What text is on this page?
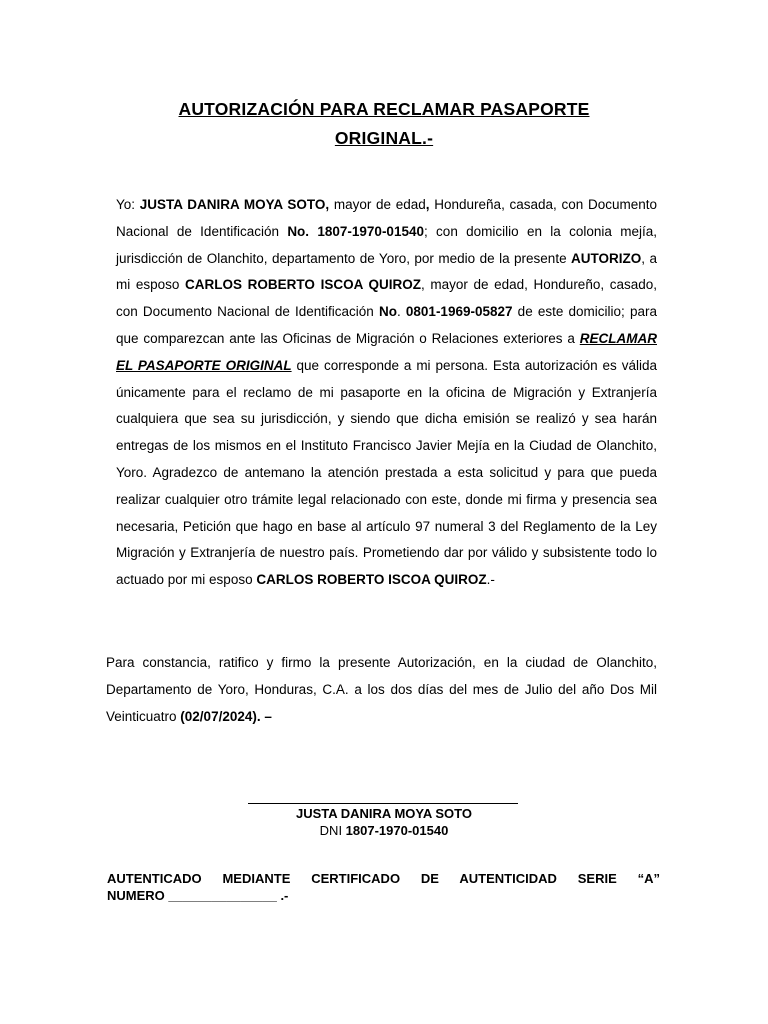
AUTORIZACIÓN PARA RECLAMAR PASAPORTE
ORIGINAL.-

Yo: JUSTA DANIRA MOYA SOTO, mayor de edad, Hondureña, casada, con Documento Nacional de Identificación No. 1807-1970-01540; con domicilio en la colonia mejía, jurisdicción de Olanchito, departamento de Yoro, por medio de la presente AUTORIZO, a mi esposo CARLOS ROBERTO ISCOA QUIROZ, mayor de edad, Hondureño, casado, con Documento Nacional de Identificación No. 0801-1969-05827 de este domicilio; para que comparezcan ante las Oficinas de Migración o Relaciones exteriores a RECLAMAR EL PASAPORTE ORIGINAL que corresponde a mi persona. Esta autorización es válida únicamente para el reclamo de mi pasaporte en la oficina de Migración y Extranjería cualquiera que sea su jurisdicción, y siendo que dicha emisión se realizó y sea harán entregas de los mismos en el Instituto Francisco Javier Mejía en la Ciudad de Olanchito, Yoro. Agradezco de antemano la atención prestada a esta solicitud y para que pueda realizar cualquier otro trámite legal relacionado con este, donde mi firma y presencia sea necesaria, Petición que hago en base al artículo 97 numeral 3 del Reglamento de la Ley Migración y Extranjería de nuestro país. Prometiendo dar por válido y subsistente todo lo actuado por mi esposo CARLOS ROBERTO ISCOA QUIROZ.-

Para constancia, ratifico y firmo la presente Autorización, en la ciudad de Olanchito, Departamento de Yoro, Honduras, C.A. a los dos días del mes de Julio del año Dos Mil Veinticuatro (02/07/2024). –

JUSTA DANIRA MOYA SOTO
DNI 1807-1970-01540

AUTENTICADO MEDIANTE CERTIFICADO DE AUTENTICIDAD SERIE “A”

NUMERO _______________ .-
